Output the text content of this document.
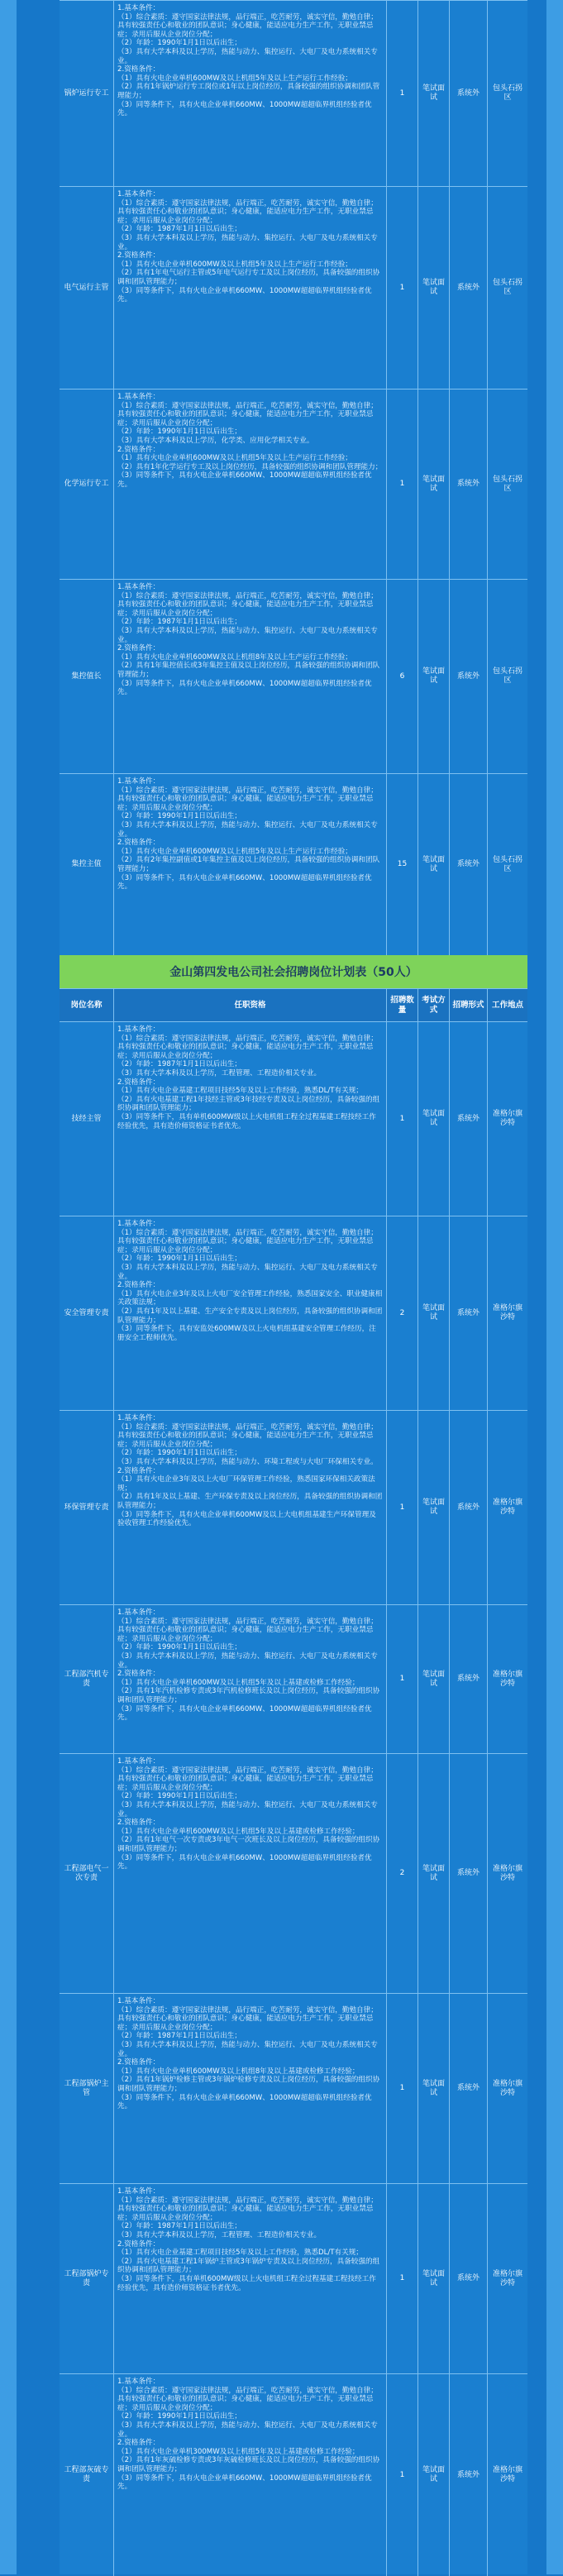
锅炉运行专工
1.基本条件：
（1）综合素质：遵守国家法律法规，品行端正，吃苦耐劳，诚实守信，勤勉自律；具有较强责任心和敬业的团队意识；身心健康，能适应电力生产工作，无职业禁忌症；录用后服从企业岗位分配；
（2）年龄：1990年1月1日以后出生；
（3）具有大学本科及以上学历，热能与动力、集控运行、大电厂及电力系统相关专业。
2.资格条件：
（1）具有火电企业单机600MW及以上机组5年及以上生产运行工作经验；
（2）具有1年锅炉运行专工岗位或1年以上岗位经历，具备较强的组织协调和团队管理能力；
（3）同等条件下，具有火电企业单机660MW、1000MW超超临界机组经验者优先。
1
笔试面试
系统外
包头石拐区
电气运行主管
1.基本条件：
（1）综合素质：遵守国家法律法规，品行端正，吃苦耐劳，诚实守信，勤勉自律；具有较强责任心和敬业的团队意识；身心健康，能适应电力生产工作，无职业禁忌症；录用后服从企业岗位分配；
（2）年龄：1987年1月1日以后出生；
（3）具有大学本科及以上学历，热能与动力、集控运行、大电厂及电力系统相关专业。
2.资格条件：
（1）具有火电企业单机600MW及以上机组5年及以上生产运行工作经验；
（2）具有1年电气运行主管或5年电气运行专工及以上岗位经历，具备较强的组织协调和团队管理能力；
（3）同等条件下，具有火电企业单机660MW、1000MW超超临界机组经验者优先。
1
笔试面试
系统外
包头石拐区
化学运行专工
1.基本条件：
（1）综合素质：遵守国家法律法规，品行端正，吃苦耐劳，诚实守信，勤勉自律；具有较强责任心和敬业的团队意识；身心健康，能适应电力生产工作，无职业禁忌症；录用后服从企业岗位分配；
（2）年龄：1990年1月1日以后出生；
（3）具有大学本科及以上学历，化学类、应用化学相关专业。
2.资格条件：
（1）具有火电企业单机600MW及以上机组5年及以上生产运行工作经验；
（2）具有1年化学运行专工及以上岗位经历，具备较强的组织协调和团队管理能力；
（3）同等条件下，具有火电企业单机660MW、1000MW超超临界机组经验者优先。	1
笔试面试
系统外
包头石拐区
集控值长
1.基本条件：
（1）综合素质：遵守国家法律法规，品行端正，吃苦耐劳，诚实守信，勤勉自律；具有较强责任心和敬业的团队意识；身心健康，能适应电力生产工作，无职业禁忌症；录用后服从企业岗位分配；
（2）年龄：1987年1月1日以后出生；
（3）具有大学本科及以上学历，热能与动力、集控运行、大电厂及电力系统相关专业。
2.资格条件：
（1）具有火电企业单机600MW及以上机组8年及以上生产运行工作经验；
（2）具有1年集控值长或3年集控主值及以上岗位经历，具备较强的组织协调和团队管理能力；
（3）同等条件下，具有火电企业单机660MW、1000MW超超临界机组经验者优先。
6
笔试面试
系统外
包头石拐区
集控主值
1.基本条件：
（1）综合素质：遵守国家法律法规，品行端正，吃苦耐劳，诚实守信，勤勉自律；具有较强责任心和敬业的团队意识；身心健康，能适应电力生产工作，无职业禁忌症；录用后服从企业岗位分配；
（2）年龄：1990年1月1日以后出生；
（3）具有大学本科及以上学历，热能与动力、集控运行、大电厂及电力系统相关专业。
2.资格条件：
（1）具有火电企业单机600MW及以上机组5年及以上生产运行工作经验；
（2）具有2年集控副值或1年集控主值及以上岗位经历，具备较强的组织协调和团队管理能力；
（3）同等条件下，具有火电企业单机660MW、1000MW超超临界机组经验者优先。
15
笔试面试
系统外
包头石拐区
金山第四发电公司社会招聘岗位计划表（50人）
岗位名称	任职资格
招聘数量
考试方式
招聘形式 工作地点
技经主管
1.基本条件：
（1）综合素质：遵守国家法律法规，品行端正，吃苦耐劳，诚实守信，勤勉自律；具有较强责任心和敬业的团队意识；身心健康，能适应电力生产工作，无职业禁忌症；录用后服从企业岗位分配；
（2）年龄：1987年1月1日以后出生；
（3）具有大学本科及以上学历，工程管理、工程造价相关专业。
2.资格条件：
（1）具有火电企业基建工程项目技经5年及以上工作经验，熟悉DL/T有关规；
（2）具有火电基建工程1年技经主管或3年技经专责及以上岗位经历，具备较强的组织协调和团队管理能力；
（3）同等条件下，具有单机600MW级以上火电机组工程全过程基建工程技经工作经验优先，具有造价师资格证书者优先。
1
笔试面试
系统外
准格尔旗沙特
安全管理专责
1.基本条件：
（1）综合素质：遵守国家法律法规，品行端正，吃苦耐劳，诚实守信，勤勉自律；具有较强责任心和敬业的团队意识；身心健康，能适应电力生产工作，无职业禁忌症；录用后服从企业岗位分配；
（2）年龄：1990年1月1日以后出生；
（3）具有大学本科及以上学历，热能与动力、集控运行、大电厂及电力系统相关专业。
2.资格条件：
（1）具有火电企业3年及以上火电厂安全管理工作经验，熟悉国家安全、职业健康相关政策法规；
（2）具有1年及以上基建、生产安全专责及以上岗位经历，具备较强的组织协调和团队管理能力；
（3）同等条件下，具有安监处600MW及以上火电机组基建安全管理工作经历，注册安全工程师优先。
2
笔试面试
系统外
准格尔旗沙特
环保管理专责
1.基本条件：
（1）综合素质：遵守国家法律法规，品行端正，吃苦耐劳，诚实守信，勤勉自律；具有较强责任心和敬业的团队意识；身心健康，能适应电力生产工作，无职业禁忌症；录用后服从企业岗位分配；
（2）年龄：1990年1月1日以后出生；
（3）具有大学本科及以上学历，热能与动力、环境工程或与大电厂环保相关专业。
2.资格条件：
（1）具有火电企业3年及以上火电厂环保管理工作经验，熟悉国家环保相关政策法规；
（2）具有1年及以上基建、生产环保专责及以上岗位经历，具备较强的组织协调和团队管理能力；
（3）同等条件下，具有火电企业单机600MW及以上大电机组基建生产环保管理及验收管理工作经验优先。
1
笔试面试
系统外
准格尔旗沙特
工程部汽机专责
1.基本条件：
（1）综合素质：遵守国家法律法规，品行端正，吃苦耐劳，诚实守信，勤勉自律；具有较强责任心和敬业的团队意识；身心健康，能适应电力生产工作，无职业禁忌症；录用后服从企业岗位分配；
（2）年龄：1990年1月1日以后出生；
（3）具有大学本科及以上学历，热能与动力、集控运行、大电厂及电力系统相关专业。
2.资格条件：
（1）具有火电企业单机600MW及以上机组5年及以上基建或检修工作经验；
（2）具有1年汽机检修专责或3年汽机检修班长及以上岗位经历，具备较强的组织协调和团队管理能力；
（3）同等条件下，具有火电企业单机660MW、1000MW超超临界机组经验者优先。
1
笔试面试
系统外
准格尔旗沙特
工程部电气一次专责
1.基本条件：
（1）综合素质：遵守国家法律法规，品行端正，吃苦耐劳，诚实守信，勤勉自律；具有较强责任心和敬业的团队意识；身心健康，能适应电力生产工作，无职业禁忌症；录用后服从企业岗位分配；
（2）年龄：1990年1月1日以后出生；
（3）具有大学本科及以上学历，热能与动力、集控运行、大电厂及电力系统相关专业。
2.资格条件：
（1）具有火电企业单机600MW及以上机组5年及以上基建或检修工作经验；
（2）具有1年电气一次专责或3年电气一次班长及以上岗位经历，具备较强的组织协调和团队管理能力；
（3）同等条件下，具有火电企业单机660MW、1000MW超超临界机组经验者优先。
2
笔试面试
系统外
准格尔旗沙特
工程部锅炉主管
1.基本条件：
（1）综合素质：遵守国家法律法规，品行端正，吃苦耐劳，诚实守信，勤勉自律；具有较强责任心和敬业的团队意识；身心健康，能适应电力生产工作，无职业禁忌症；录用后服从企业岗位分配；
（2）年龄：1987年1月1日以后出生；
（3）具有大学本科及以上学历，热能与动力、集控运行、大电厂及电力系统相关专业。
2.资格条件：
（1）具有火电企业单机600MW及以上机组8年及以上基建或检修工作经验；
（2）具有1年锅炉检修主管或3年锅炉检修专责及以上岗位经历，具备较强的组织协调和团队管理能力；
（3）同等条件下，具有火电企业单机660MW、1000MW超超临界机组经验者优先。
1
笔试面试
系统外
准格尔旗沙特
工程部锅炉专责
1.基本条件：
（1）综合素质：遵守国家法律法规，品行端正，吃苦耐劳，诚实守信，勤勉自律；具有较强责任心和敬业的团队意识；身心健康，能适应电力生产工作，无职业禁忌症；录用后服从企业岗位分配；
（2）年龄：1987年1月1日以后出生；
（3）具有大学本科及以上学历，工程管理、工程造价相关专业。
2.资格条件：
（1）具有火电企业基建工程项目技经5年及以上工作经验，熟悉DL/T有关规；
（2）具有火电基建工程1年锅炉主管或3年锅炉专责及以上岗位经历，具备较强的组织协调和团队管理能力；
（3）同等条件下，具有单机600MW级以上火电机组工程全过程基建工程技经工作经验优先，具有造价师资格证书者优先。
1
笔试面试
系统外
准格尔旗沙特
工程部灰硫专责
1.基本条件：
（1）综合素质：遵守国家法律法规，品行端正，吃苦耐劳，诚实守信，勤勉自律；具有较强责任心和敬业的团队意识；身心健康，能适应电力生产工作，无职业禁忌症；录用后服从企业岗位分配；
（2）年龄：1990年1月1日以后出生；
（3）具有大学本科及以上学历，热能与动力、集控运行、大电厂及电力系统相关专业。
2.资格条件：
（1）具有火电企业单机300MW及以上机组5年及以上基建或检修工作经验；
（2）具有1年灰硫检修专责或3年灰硫检修班长及以上岗位经历，具备较强的组织协调和团队管理能力；
（3）同等条件下，具有火电企业单机660MW、1000MW超超临界机组经验者优先。
1
笔试面试
系统外
准格尔旗沙特
